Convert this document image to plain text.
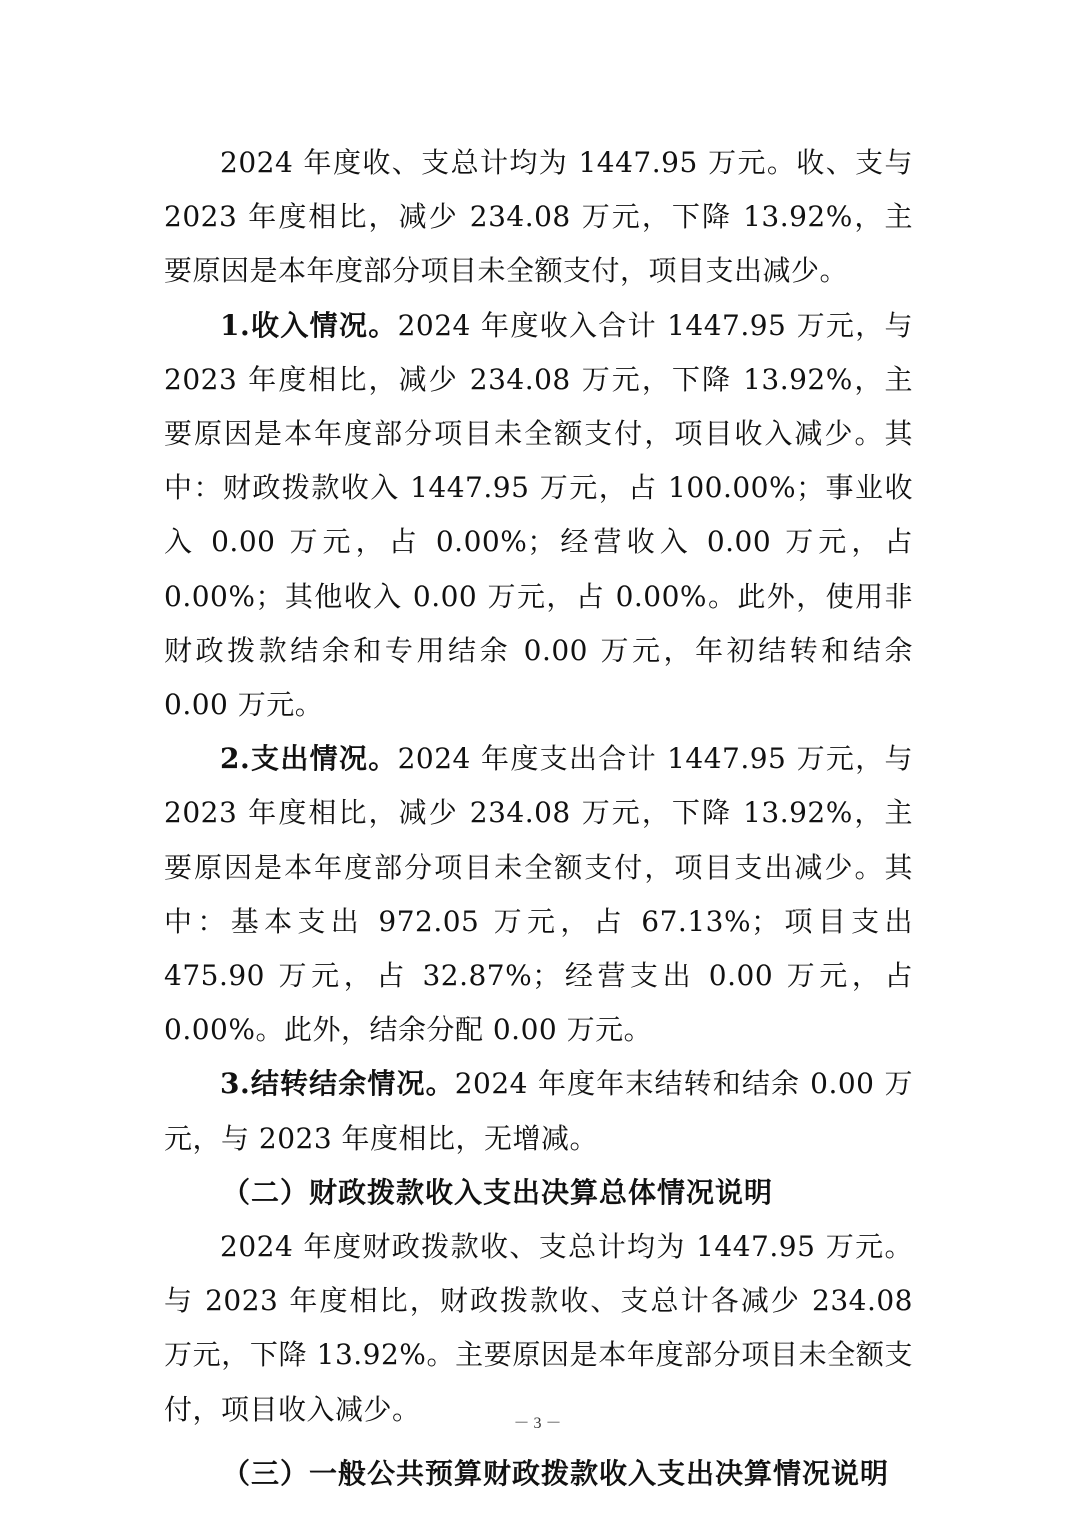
2024 年度收、支总计均为 1447.95 万元。收、支与 2023 年度相比，减少 234.08 万元，下降 13.92%，主要原因是本年度部分项目未全额支付，项目支出减少。

1.收入情况。2024 年度收入合计 1447.95 万元，与 2023 年度相比，减少 234.08 万元，下降 13.92%，主要原因是本年度部分项目未全额支付，项目收入减少。其中：财政拨款收入 1447.95 万元，占 100.00%；事业收入 0.00 万元，占 0.00%；经营收入 0.00 万元，占 0.00%；其他收入 0.00 万元，占 0.00%。此外，使用非财政拨款结余和专用结余 0.00 万元，年初结转和结余 0.00 万元。

2.支出情况。2024 年度支出合计 1447.95 万元，与 2023 年度相比，减少 234.08 万元，下降 13.92%，主要原因是本年度部分项目未全额支付，项目支出减少。其中：基本支出 972.05 万元，占 67.13%；项目支出 475.90 万元，占 32.87%；经营支出 0.00 万元，占 0.00%。此外，结余分配 0.00 万元。

3.结转结余情况。2024 年度年末结转和结余 0.00 万元，与 2023 年度相比，无增减。

（二）财政拨款收入支出决算总体情况说明

2024 年度财政拨款收、支总计均为 1447.95 万元。与 2023 年度相比，财政拨款收、支总计各减少 234.08 万元，下降 13.92%。主要原因是本年度部分项目未全额支付，项目收入减少。

（三）一般公共预算财政拨款收入支出决算情况说明

－ 3 －
